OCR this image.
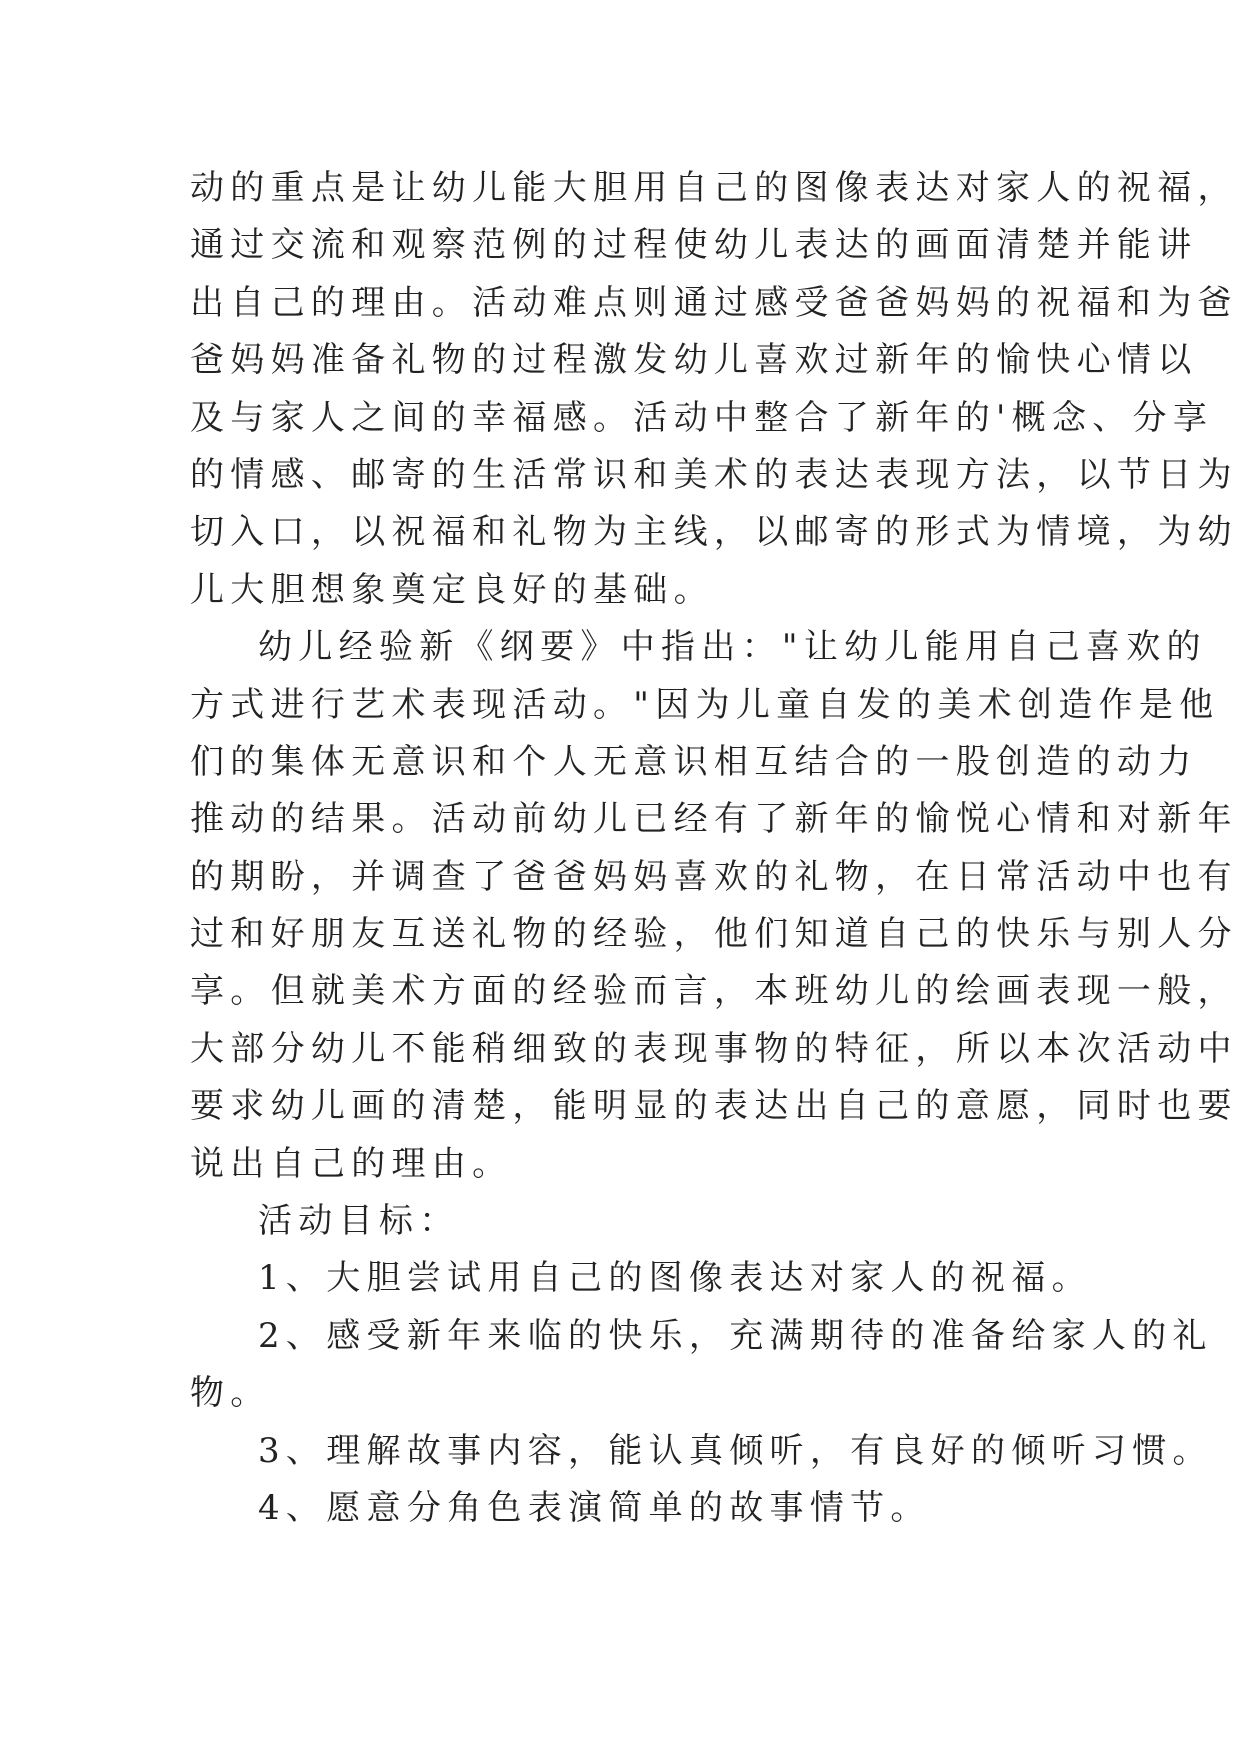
动的重点是让幼儿能大胆用自己的图像表达对家人的祝福，
通过交流和观察范例的过程使幼儿表达的画面清楚并能讲
出自己的理由。活动难点则通过感受爸爸妈妈的祝福和为爸
爸妈妈准备礼物的过程激发幼儿喜欢过新年的愉快心情以
及与家人之间的幸福感。活动中整合了新年的'概念、分享
的情感、邮寄的生活常识和美术的表达表现方法，以节日为
切入口，以祝福和礼物为主线，以邮寄的形式为情境，为幼
儿大胆想象奠定良好的基础。
幼儿经验新《纲要》中指出："让幼儿能用自己喜欢的
方式进行艺术表现活动。"因为儿童自发的美术创造作是他
们的集体无意识和个人无意识相互结合的一股创造的动力
推动的结果。活动前幼儿已经有了新年的愉悦心情和对新年
的期盼，并调查了爸爸妈妈喜欢的礼物，在日常活动中也有
过和好朋友互送礼物的经验，他们知道自己的快乐与别人分
享。但就美术方面的经验而言，本班幼儿的绘画表现一般，
大部分幼儿不能稍细致的表现事物的特征，所以本次活动中
要求幼儿画的清楚，能明显的表达出自己的意愿，同时也要
说出自己的理由。
活动目标：
1、大胆尝试用自己的图像表达对家人的祝福。
2、感受新年来临的快乐，充满期待的准备给家人的礼
物。
3、理解故事内容，能认真倾听，有良好的倾听习惯。
4、愿意分角色表演简单的故事情节。
